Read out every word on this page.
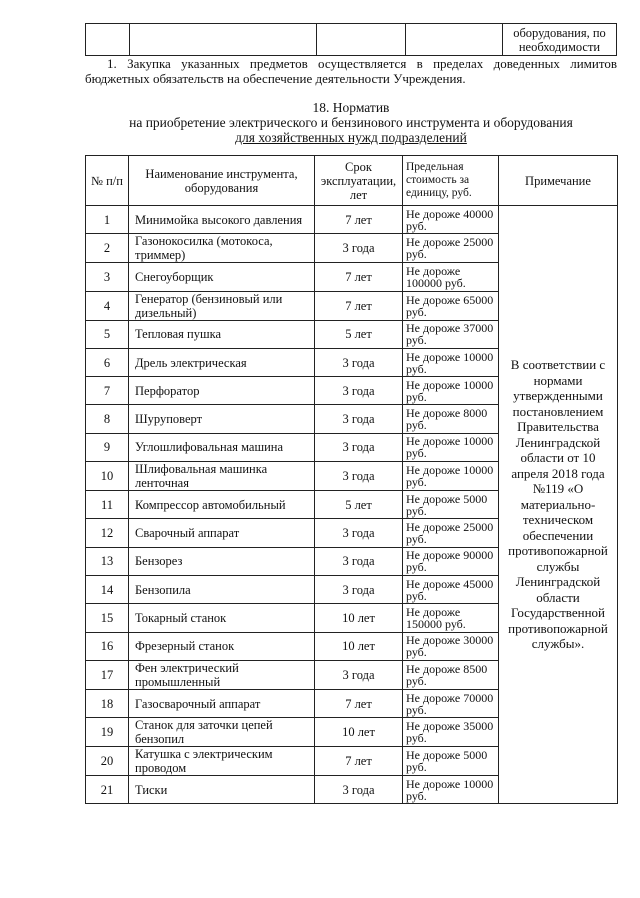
				оборудования, по необходимости

1. Закупка указанных предметов осуществляется в пределах доведенных лимитов бюджетных обязательств на обеспечение деятельности Учреждения.

18. Норматив
на приобретение электрического и бензинового инструмента и оборудования
для хозяйственных нужд подразделений
№ п/п	Наименование инструмента, оборудования	Срок эксплуатации, лет	Предельная стоимость за единицу, руб.	Примечание
1	Минимойка высокого давления	7 лет	Не дороже 40000 руб.	В соответствии с нормами утвержденными постановлением Правительства Ленинградской области от 10 апреля 2018 года №119 «О материально-техническом обеспечении противопожарной службы Ленинградской области Государственной противопожарной службы».
2	Газонокосилка (мотокоса, триммер)	3 года	Не дороже 25000 руб.	
3	Снегоуборщик	7 лет	Не дороже 100000 руб.	
4	Генератор (бензиновый или дизельный)	7 лет	Не дороже 65000 руб.	
5	Тепловая пушка	5 лет	Не дороже 37000 руб.	
6	Дрель электрическая	3 года	Не дороже 10000 руб.	
7	Перфоратор	3 года	Не дороже 10000 руб.	
8	Шуруповерт	3 года	Не дороже 8000 руб.	
9	Углошлифовальная машина	3 года	Не дороже 10000 руб.	
10	Шлифовальная машинка ленточная	3 года	Не дороже 10000 руб.	
11	Компрессор автомобильный	5 лет	Не дороже 5000 руб.	
12	Сварочный аппарат	3 года	Не дороже 25000 руб.	
13	Бензорез	3 года	Не дороже 90000 руб.	
14	Бензопила	3 года	Не дороже 45000 руб.	
15	Токарный станок	10 лет	Не дороже 150000 руб.	
16	Фрезерный станок	10 лет	Не дороже 30000 руб.	
17	Фен электрический промышленный	3 года	Не дороже 8500 руб.	
18	Газосварочный аппарат	7 лет	Не дороже 70000 руб.	
19	Станок для заточки цепей бензопил	10 лет	Не дороже 35000 руб.	
20	Катушка с электрическим проводом	7 лет	Не дороже 5000 руб.	
21	Тиски	3 года	Не дороже 10000 руб.	
